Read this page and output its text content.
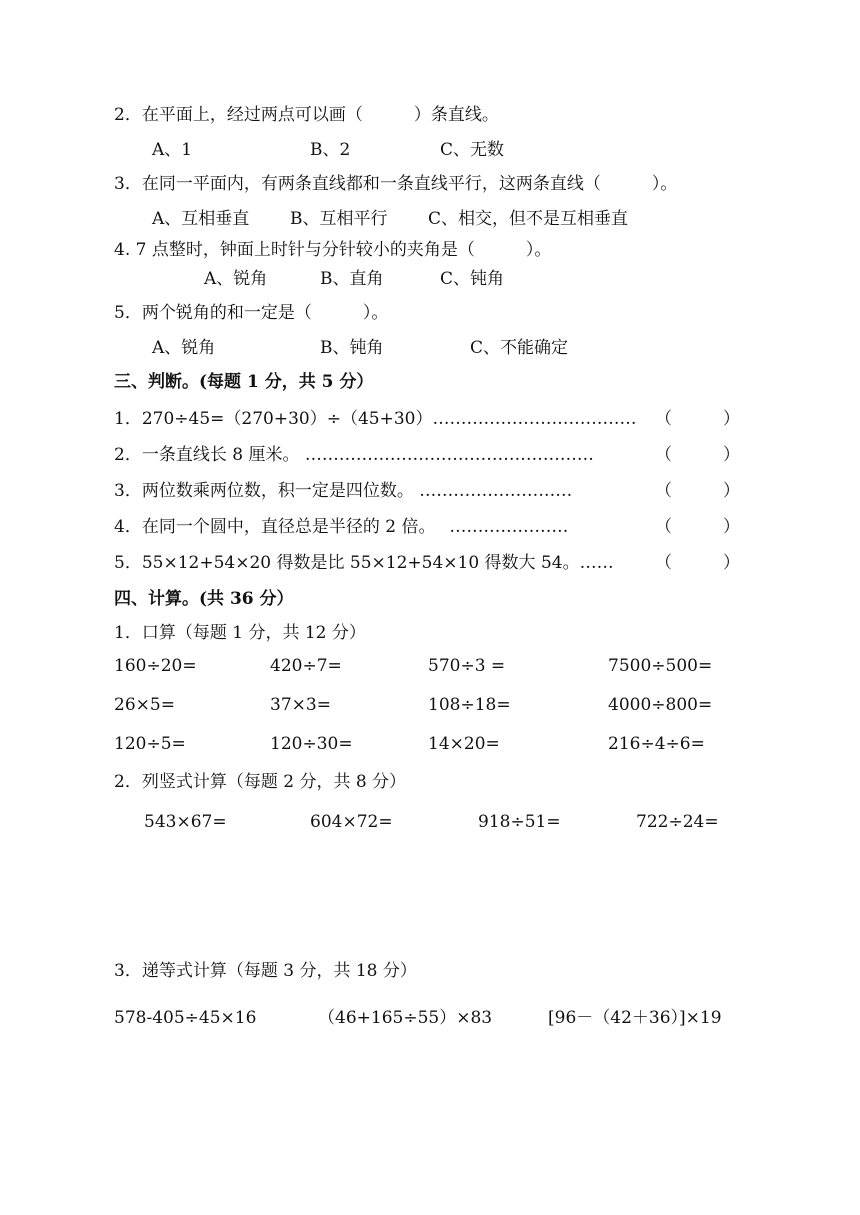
2．在平面上，经过两点可以画（　　　）条直线。
A、1	B、2	C、无数
3．在同一平面内，有两条直线都和一条直线平行，这两条直线（　　　）。
A、互相垂直 B、互相平行 C、相交，但不是互相垂直
4. 7 点整时，钟面上时针与分针较小的夹角是（　　　）。
A、锐角	B、直角	C、钝角
5．两个锐角的和一定是（　　　）。
A、锐角	B、钝角	C、不能确定
三、判断。(每题 1 分，共 5 分）
1．270÷45=（270+30）÷（45+30）……………………………… （　　　）
2．一条直线长 8 厘米。 ……………………………………………	（　　　）
3．两位数乘两位数，积一定是四位数。 ………………………	（　　　）
4．在同一个圆中，直径总是半径的 2 倍。　 …………………	（　　　）
5．55×12+54×20 得数是比 55×12+54×10 得数大 54。…… （　　　）
四、计算。(共 36 分）
1．口算（每题 1 分，共 12 分）
160÷20=	420÷7=	570÷3 =	7500÷500=
26×5=	37×3=	108÷18=	4000÷800=
120÷5=	120÷30=	14×20=	216÷4÷6=
2．列竖式计算（每题 2 分，共 8 分）
543×67=	604×72=	918÷51=	722÷24=
3．递等式计算（每题 3 分，共 18 分）
578-405÷45×16	（46+165÷55）×83	[96－（42＋36）]×19
